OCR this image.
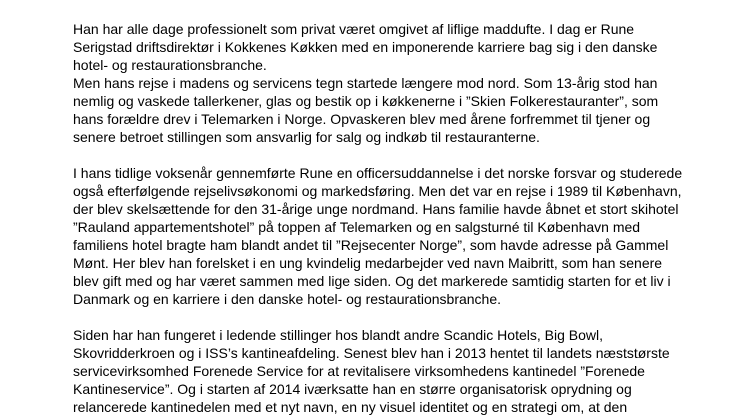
Han har alle dage professionelt som privat været omgivet af liflige maddufte. I dag er Rune
Serigstad driftsdirektør i Kokkenes Køkken med en imponerende karriere bag sig i den danske
hotel- og restaurationsbranche.
Men hans rejse i madens og servicens tegn startede længere mod nord. Som 13-årig stod han
nemlig og vaskede tallerkener, glas og bestik op i køkkenerne i ”Skien Folkerestauranter”, som
hans forældre drev i Telemarken i Norge. Opvaskeren blev med årene forfremmet til tjener og
senere betroet stillingen som ansvarlig for salg og indkøb til restauranterne.
I hans tidlige voksenår gennemførte Rune en officersuddannelse i det norske forsvar og studerede
også efterfølgende rejselivsøkonomi og markedsføring. Men det var en rejse i 1989 til København,
der blev skelsættende for den 31-årige unge nordmand. Hans familie havde åbnet et stort skihotel
”Rauland appartementshotel” på toppen af Telemarken og en salgsturné til København med
familiens hotel bragte ham blandt andet til ”Rejsecenter Norge”, som havde adresse på Gammel
Mønt. Her blev han forelsket i en ung kvindelig medarbejder ved navn Maibritt, som han senere
blev gift med og har været sammen med lige siden. Og det markerede samtidig starten for et liv i
Danmark og en karriere i den danske hotel- og restaurationsbranche.
Siden har han fungeret i ledende stillinger hos blandt andre Scandic Hotels, Big Bowl,
Skovridderkroen og i ISS’s kantineafdeling. Senest blev han i 2013 hentet til landets næststørste
servicevirksomhed Forenede Service for at revitalisere virksomhedens kantinedel ”Forenede
Kantineservice”. Og i starten af 2014 iværksatte han en større organisatorisk oprydning og
relancerede kantinedelen med et nyt navn, en ny visuel identitet og en strategi om, at den
